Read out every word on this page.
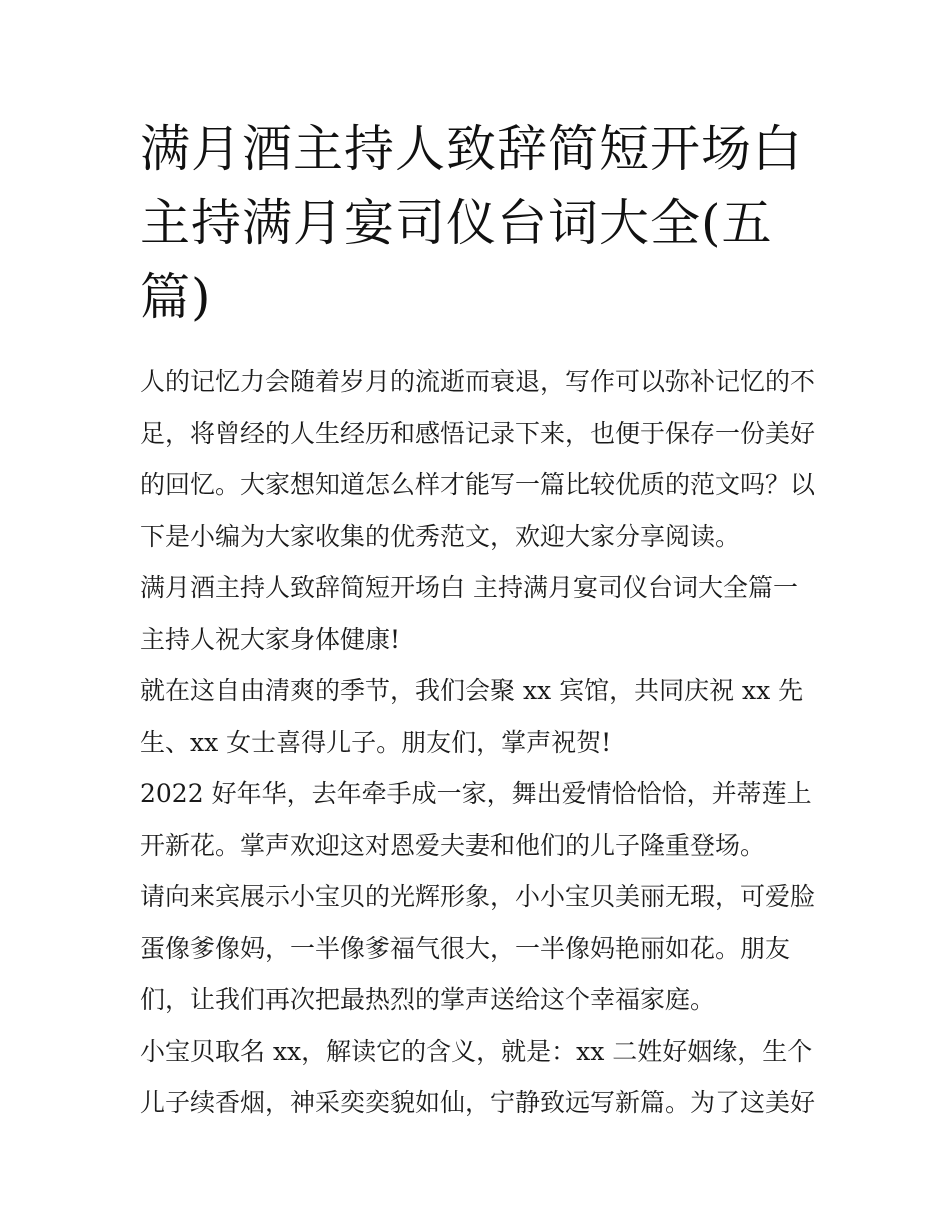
满月酒主持人致辞简短开场白
主持满月宴司仪台词大全(五
篇)

人的记忆力会随着岁月的流逝而衰退，写作可以弥补记忆的不

足，将曾经的人生经历和感悟记录下来，也便于保存一份美好

的回忆。大家想知道怎么样才能写一篇比较优质的范文吗？以

下是小编为大家收集的优秀范文，欢迎大家分享阅读。

满月酒主持人致辞简短开场白 主持满月宴司仪台词大全篇一

主持人祝大家身体健康!

就在这自由清爽的季节，我们会聚 xx 宾馆，共同庆祝 xx 先

生、xx 女士喜得儿子。朋友们，掌声祝贺!

2022 好年华，去年牵手成一家，舞出爱情恰恰恰，并蒂莲上

开新花。掌声欢迎这对恩爱夫妻和他们的儿子隆重登场。

请向来宾展示小宝贝的光辉形象，小小宝贝美丽无瑕，可爱脸

蛋像爹像妈，一半像爹福气很大，一半像妈艳丽如花。朋友

们，让我们再次把最热烈的掌声送给这个幸福家庭。

小宝贝取名 xx，解读它的含义，就是：xx 二姓好姻缘，生个

儿子续香烟，神采奕奕貌如仙，宁静致远写新篇。为了这美好
